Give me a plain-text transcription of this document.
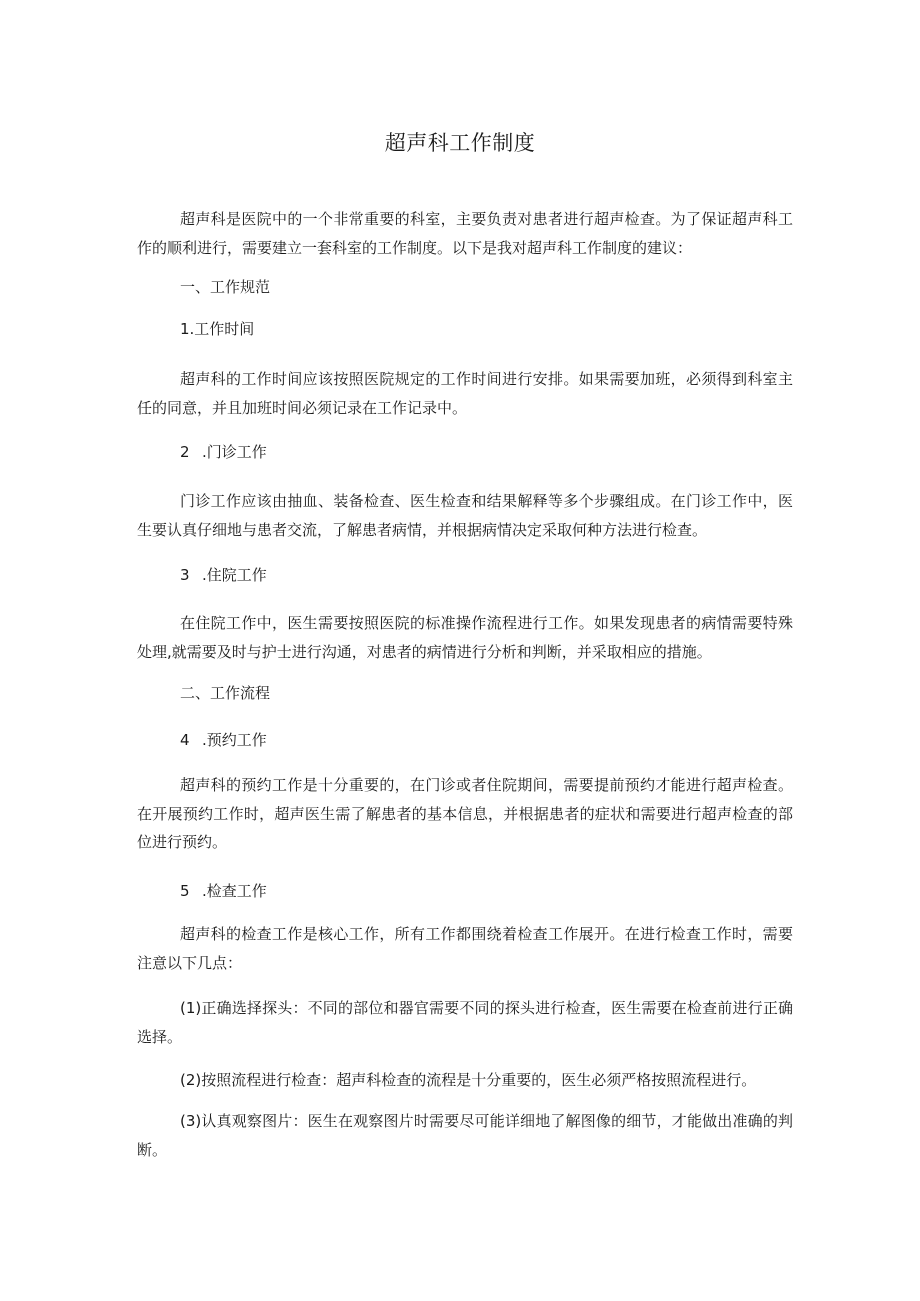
超声科工作制度

超声科是医院中的一个非常重要的科室，主要负责对患者进行超声检查。为了保证超声科工作的顺利进行，需要建立一套科室的工作制度。以下是我对超声科工作制度的建议：

一、工作规范

1.工作时间

超声科的工作时间应该按照医院规定的工作时间进行安排。如果需要加班，必须得到科室主任的同意，并且加班时间必须记录在工作记录中。

2 .门诊工作

门诊工作应该由抽血、装备检查、医生检查和结果解释等多个步骤组成。在门诊工作中，医生要认真仔细地与患者交流，了解患者病情，并根据病情决定采取何种方法进行检查。

3 .住院工作

在住院工作中，医生需要按照医院的标准操作流程进行工作。如果发现患者的病情需要特殊处理,就需要及时与护士进行沟通，对患者的病情进行分析和判断，并采取相应的措施。

二、工作流程

4 .预约工作

超声科的预约工作是十分重要的，在门诊或者住院期间，需要提前预约才能进行超声检查。在开展预约工作时，超声医生需了解患者的基本信息，并根据患者的症状和需要进行超声检查的部位进行预约。

5 .检查工作

超声科的检查工作是核心工作，所有工作都围绕着检查工作展开。在进行检查工作时，需要注意以下几点：

(1)正确选择探头：不同的部位和器官需要不同的探头进行检查，医生需要在检查前进行正确选择。

(2)按照流程进行检查：超声科检查的流程是十分重要的，医生必须严格按照流程进行。

(3)认真观察图片：医生在观察图片时需要尽可能详细地了解图像的细节，才能做出准确的判断。
